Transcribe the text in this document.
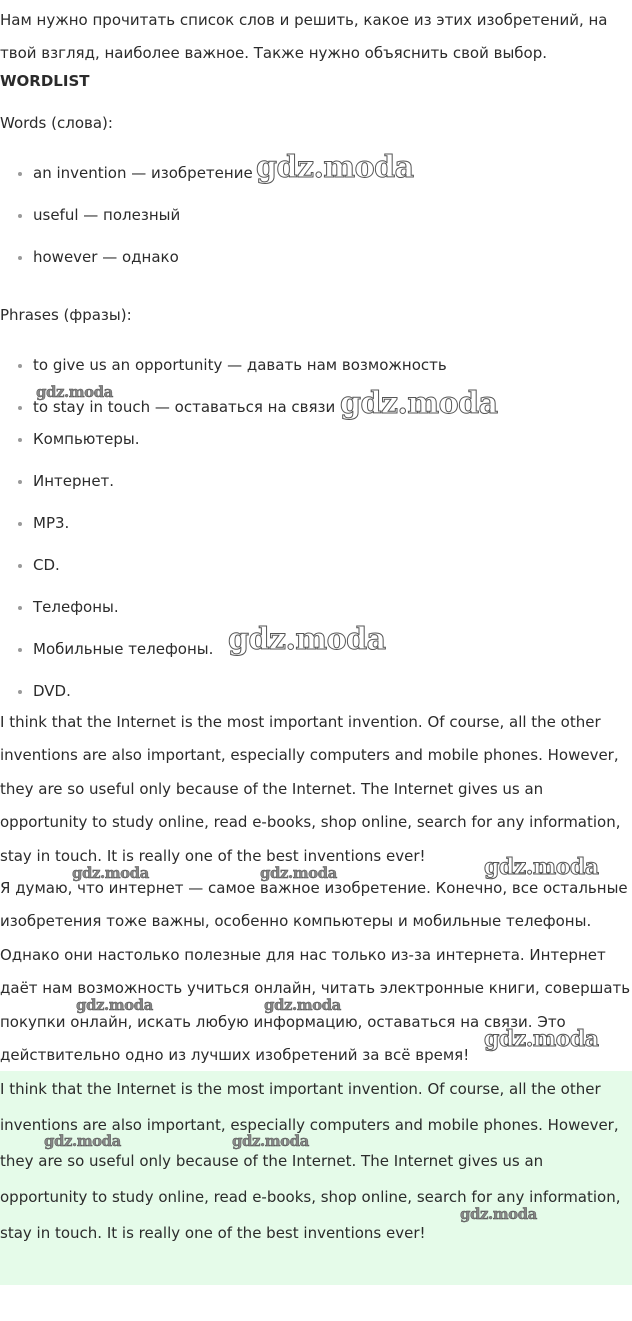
Нам нужно прочитать список слов и решить, какое из этих изобретений, на твой взгляд, наиболее важное. Также нужно объяснить свой выбор.

WORDLIST

Words (слова):

an invention — изобретение
useful — полезный
however — однако

Phrases (фразы):

to give us an opportunity — давать нам возможность
to stay in touch — оставаться на связи
Компьютеры.
Интернет.
MP3.
CD.
Телефоны.
Мобильные телефоны.
DVD.

I think that the Internet is the most important invention. Of course, all the other inventions are also important, especially computers and mobile phones. However, they are so useful only because of the Internet. The Internet gives us an opportunity to study online, read e-books, shop online, search for any information, stay in touch. It is really one of the best inventions ever!

Я думаю, что интернет — самое важное изобретение. Конечно, все остальные изобретения тоже важны, особенно компьютеры и мобильные телефоны. Однако они настолько полезные для нас только из-за интернета. Интернет даёт нам возможность учиться онлайн, читать электронные книги, совершать покупки онлайн, искать любую информацию, оставаться на связи. Это действительно одно из лучших изобретений за всё время!

I think that the Internet is the most important invention. Of course, all the other inventions are also important, especially computers and mobile phones. However, they are so useful only because of the Internet. The Internet gives us an opportunity to study online, read e-books, shop online, search for any information, stay in touch. It is really one of the best inventions ever!

gdz.moda
gdz.moda	gdz.moda
gdz.moda
gdz.moda
gdz.moda	gdz.moda
gdz.moda	gdz.moda
gdz.moda
gdz.moda	gdz.moda
gdz.moda
